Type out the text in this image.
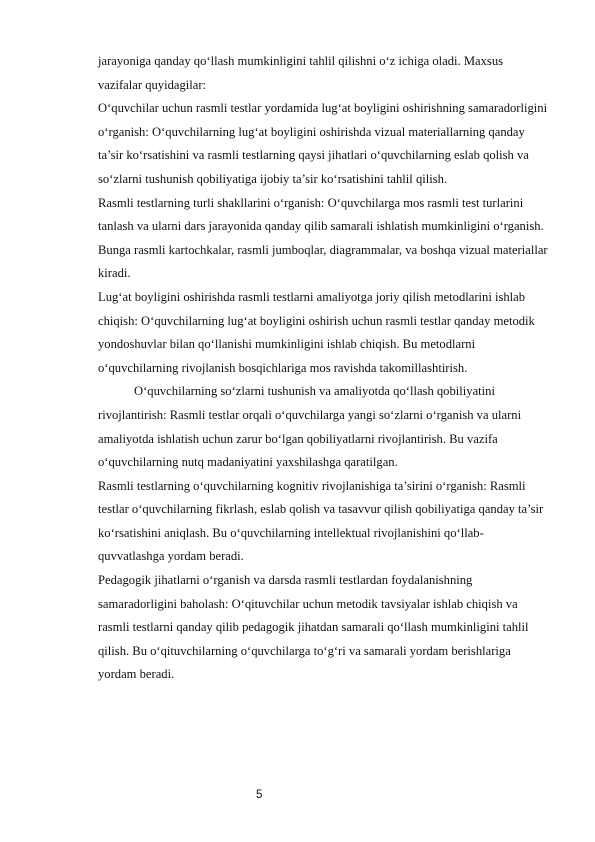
jarayoniga qanday qo‘llash mumkinligini tahlil qilishni o‘z ichiga oladi. Maxsus vazifalar quyidagilar:

O‘quvchilar uchun rasmli testlar yordamida lug‘at boyligini oshirishning samaradorligini o‘rganish: O‘quvchilarning lug‘at boyligini oshirishda vizual materiallarning qanday ta’sir ko‘rsatishini va rasmli testlarning qaysi jihatlari o‘quvchilarning eslab qolish va so‘zlarni tushunish qobiliyatiga ijobiy ta’sir ko‘rsatishini tahlil qilish.

Rasmli testlarning turli shakllarini o‘rganish: O‘quvchilarga mos rasmli test turlarini tanlash va ularni dars jarayonida qanday qilib samarali ishlatish mumkinligini o‘rganish. Bunga rasmli kartochkalar, rasmli jumboqlar, diagrammalar, va boshqa vizual materiallar kiradi.

Lug‘at boyligini oshirishda rasmli testlarni amaliyotga joriy qilish metodlarini ishlab chiqish: O‘quvchilarning lug‘at boyligini oshirish uchun rasmli testlar qanday metodik yondoshuvlar bilan qo‘llanishi mumkinligini ishlab chiqish. Bu metodlarni o‘quvchilarning rivojlanish bosqichlariga mos ravishda takomillashtirish.

O‘quvchilarning so‘zlarni tushunish va amaliyotda qo‘llash qobiliyatini rivojlantirish: Rasmli testlar orqali o‘quvchilarga yangi so‘zlarni o‘rganish va ularni amaliyotda ishlatish uchun zarur bo‘lgan qobiliyatlarni rivojlantirish. Bu vazifa o‘quvchilarning nutq madaniyatini yaxshilashga qaratilgan.

Rasmli testlarning o‘quvchilarning kognitiv rivojlanishiga ta’sirini o‘rganish: Rasmli testlar o‘quvchilarning fikrlash, eslab qolish va tasavvur qilish qobiliyatiga qanday ta’sir ko‘rsatishini aniqlash. Bu o‘quvchilarning intellektual rivojlanishini qo‘llab-quvvatlashga yordam beradi.

Pedagogik jihatlarni o‘rganish va darsda rasmli testlardan foydalanishning samaradorligini baholash: O‘qituvchilar uchun metodik tavsiyalar ishlab chiqish va rasmli testlarni qanday qilib pedagogik jihatdan samarali qo‘llash mumkinligini tahlil qilish. Bu o‘qituvchilarning o‘quvchilarga to‘g‘ri va samarali yordam berishlariga yordam beradi.

5
